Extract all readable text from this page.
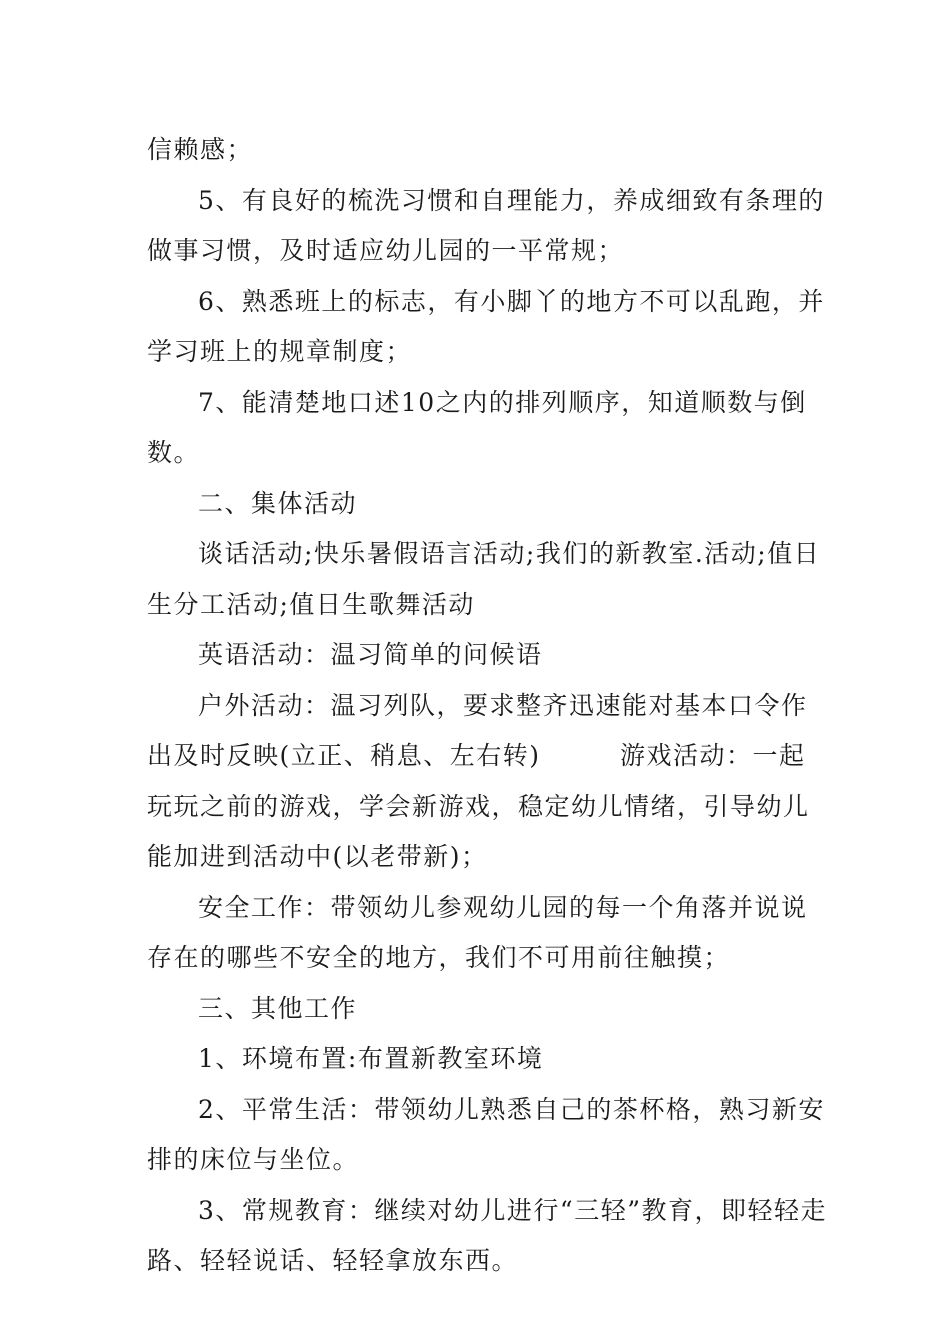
信赖感；

5、有良好的梳洗习惯和自理能力，养成细致有条理的做事习惯，及时适应幼儿园的一平常规；

6、熟悉班上的标志，有小脚丫的地方不可以乱跑，并学习班上的规章制度；

7、能清楚地口述10之内的排列顺序，知道顺数与倒数。

二、集体活动

谈话活动;快乐暑假语言活动;我们的新教室.活动;值日生分工活动;值日生歌舞活动

英语活动：温习简单的问候语

户外活动：温习列队，要求整齐迅速能对基本口令作出及时反映(立正、稍息、左右转)　　　游戏活动：一起玩玩之前的游戏，学会新游戏，稳定幼儿情绪，引导幼儿能加进到活动中(以老带新)；

安全工作：带领幼儿参观幼儿园的每一个角落并说说存在的哪些不安全的地方，我们不可用前往触摸；

三、其他工作

1、环境布置:布置新教室环境

2、平常生活：带领幼儿熟悉自己的茶杯格，熟习新安排的床位与坐位。

3、常规教育：继续对幼儿进行“三轻”教育，即轻轻走路、轻轻说话、轻轻拿放东西。
